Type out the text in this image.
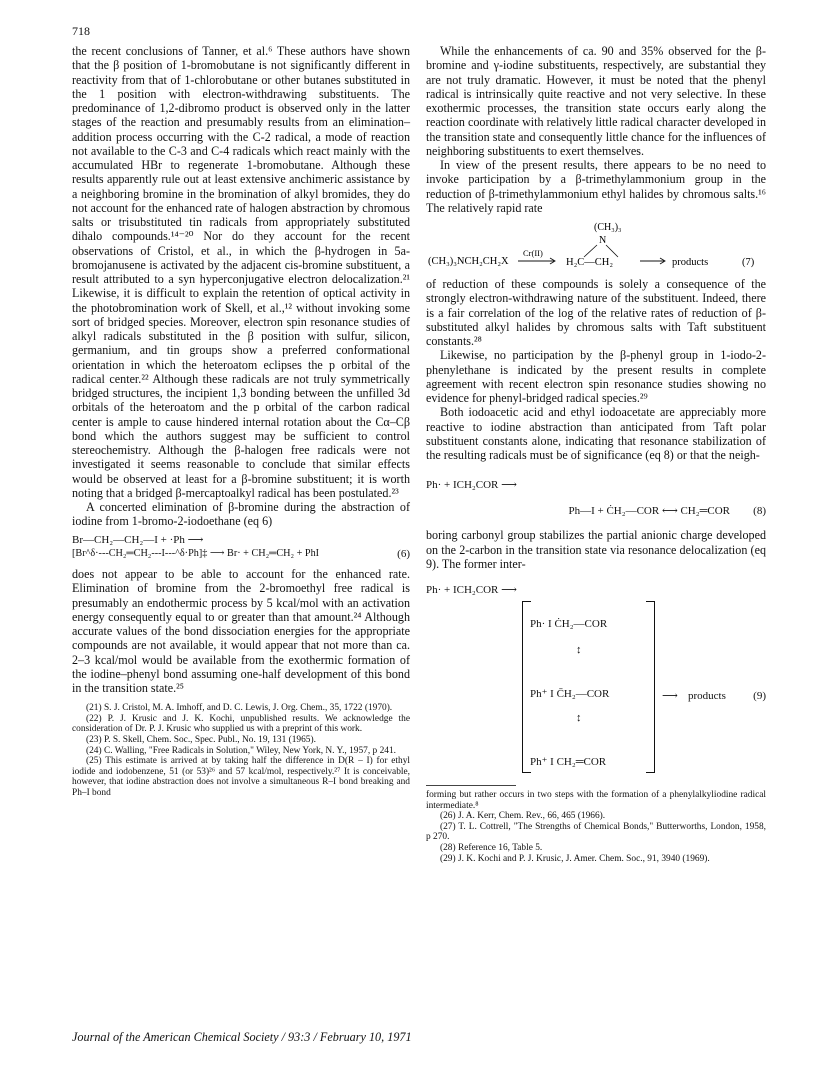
718

the recent conclusions of Tanner, et al.⁶ These authors have shown that the β position of 1-bromobutane is not significantly different in reactivity from that of 1-chlorobutane or other butanes substituted in the 1 position with electron-withdrawing substituents. The predominance of 1,2-dibromo product is observed only in the latter stages of the reaction and presumably results from an elimination–addition process occurring with the C-2 radical, a mode of reaction not available to the C-3 and C-4 radicals which react mainly with the accumulated HBr to regenerate 1-bromobutane. Although these results apparently rule out at least extensive anchimeric assistance by a neighboring bromine in the bromination of alkyl bromides, they do not account for the enhanced rate of halogen abstraction by chromous salts or trisubstituted tin radicals from appropriately substituted dihalo compounds.¹⁴⁻²⁰ Nor do they account for the recent observations of Cristol, et al., in which the β-hydrogen in 5a-bromojanusene is activated by the adjacent cis-bromine substituent, a result attributed to a syn hyperconjugative electron delocalization.²¹ Likewise, it is difficult to explain the retention of optical activity in the photobromination work of Skell, et al.,¹² without invoking some sort of bridged species. Moreover, electron spin resonance studies of alkyl radicals substituted in the β position with sulfur, silicon, germanium, and tin groups show a preferred conformational orientation in which the heteroatom eclipses the p orbital of the radical center.²² Although these radicals are not truly symmetrically bridged structures, the incipient 1,3 bonding between the unfilled 3d orbitals of the heteroatom and the p orbital of the carbon radical center is ample to cause hindered internal rotation about the Cα–Cβ bond which the authors suggest may be sufficient to control stereochemistry. Although the β-halogen free radicals were not investigated it seems reasonable to conclude that similar effects would be observed at least for a β-bromine substituent; it is worth noting that a bridged β-mercaptoalkyl radical has been postulated.²³

A concerted elimination of β-bromine during the abstraction of iodine from 1-bromo-2-iodoethane (eq 6)

Br—CH₂—CH₂—I + ·Ph ⟶
[Br^δ·---CH₂═CH₂---I---^δ·Ph]‡ ⟶ Br· + CH₂═CH₂ + PhI	(6)

does not appear to be able to account for the enhanced rate. Elimination of bromine from the 2-bromoethyl free radical is presumably an endothermic process by 5 kcal/mol with an activation energy consequently equal to or greater than that amount.²⁴ Although accurate values of the bond dissociation energies for the appropriate compounds are not available, it would appear that not more than ca. 2–3 kcal/mol would be available from the exothermic formation of the iodine–phenyl bond assuming one-half development of this bond in the transition state.²⁵

(21) S. J. Cristol, M. A. Imhoff, and D. C. Lewis, J. Org. Chem., 35, 1722 (1970).

(22) P. J. Krusic and J. K. Kochi, unpublished results. We acknowledge the consideration of Dr. P. J. Krusic who supplied us with a preprint of this work.

(23) P. S. Skell, Chem. Soc., Spec. Publ., No. 19, 131 (1965).

(24) C. Walling, "Free Radicals in Solution," Wiley, New York, N. Y., 1957, p 241.

(25) This estimate is arrived at by taking half the difference in D(R – I) for ethyl iodide and iodobenzene, 51 (or 53)²⁶ and 57 kcal/mol, respectively.²⁷ It is conceivable, however, that iodine abstraction does not involve a simultaneous R–I bond breaking and Ph–I bond

While the enhancements of ca. 90 and 35% observed for the β-bromine and γ-iodine substituents, respectively, are substantial they are not truly dramatic. However, it must be noted that the phenyl radical is intrinsically quite reactive and not very selective. In these exothermic processes, the transition state occurs early along the reaction coordinate with relatively little radical character developed in the transition state and consequently little chance for the influences of neighboring substituents to exert themselves.

In view of the present results, there appears to be no need to invoke participation by a β-trimethylammonium group in the reduction of β-trimethylammonium ethyl halides by chromous salts.¹⁶ The relatively rapid rate

(CH₃)₃
N
(CH₃)₃NCH₂CH₂X
Cr(II)
H₂C—CH₂	products	(7)

of reduction of these compounds is solely a consequence of the strongly electron-withdrawing nature of the substituent. Indeed, there is a fair correlation of the log of the relative rates of reduction of β-substituted alkyl halides by chromous salts with Taft substituent constants.²⁸

Likewise, no participation by the β-phenyl group in 1-iodo-2-phenylethane is indicated by the present results in complete agreement with recent electron spin resonance studies showing no evidence for phenyl-bridged radical species.²⁹

Both iodoacetic acid and ethyl iodoacetate are appreciably more reactive to iodine abstraction than anticipated from Taft polar substituent constants alone, indicating that resonance stabilization of the resulting radicals must be of significance (eq 8) or that the neigh-

Ph· + ICH₂COR ⟶
Ph—I + ĊH₂—COR ⟷ CH₂═COR (8)

boring carbonyl group stabilizes the partial anionic charge developed on the 2-carbon in the transition state via resonance delocalization (eq 9). The former inter-

Ph· + ICH₂COR ⟶
Ph· I ĊH₂—COR
↕
Ph⁺ I C̄H₂—COR
↕
Ph⁺ I CH₂═COR
⟶ products (9)

forming but rather occurs in two steps with the formation of a phenylalkyliodine radical intermediate.⁸

(26) J. A. Kerr, Chem. Rev., 66, 465 (1966).

(27) T. L. Cottrell, "The Strengths of Chemical Bonds," Butterworths, London, 1958, p 270.

(28) Reference 16, Table 5.

(29) J. K. Kochi and P. J. Krusic, J. Amer. Chem. Soc., 91, 3940 (1969).

Journal of the American Chemical Society / 93:3 / February 10, 1971
